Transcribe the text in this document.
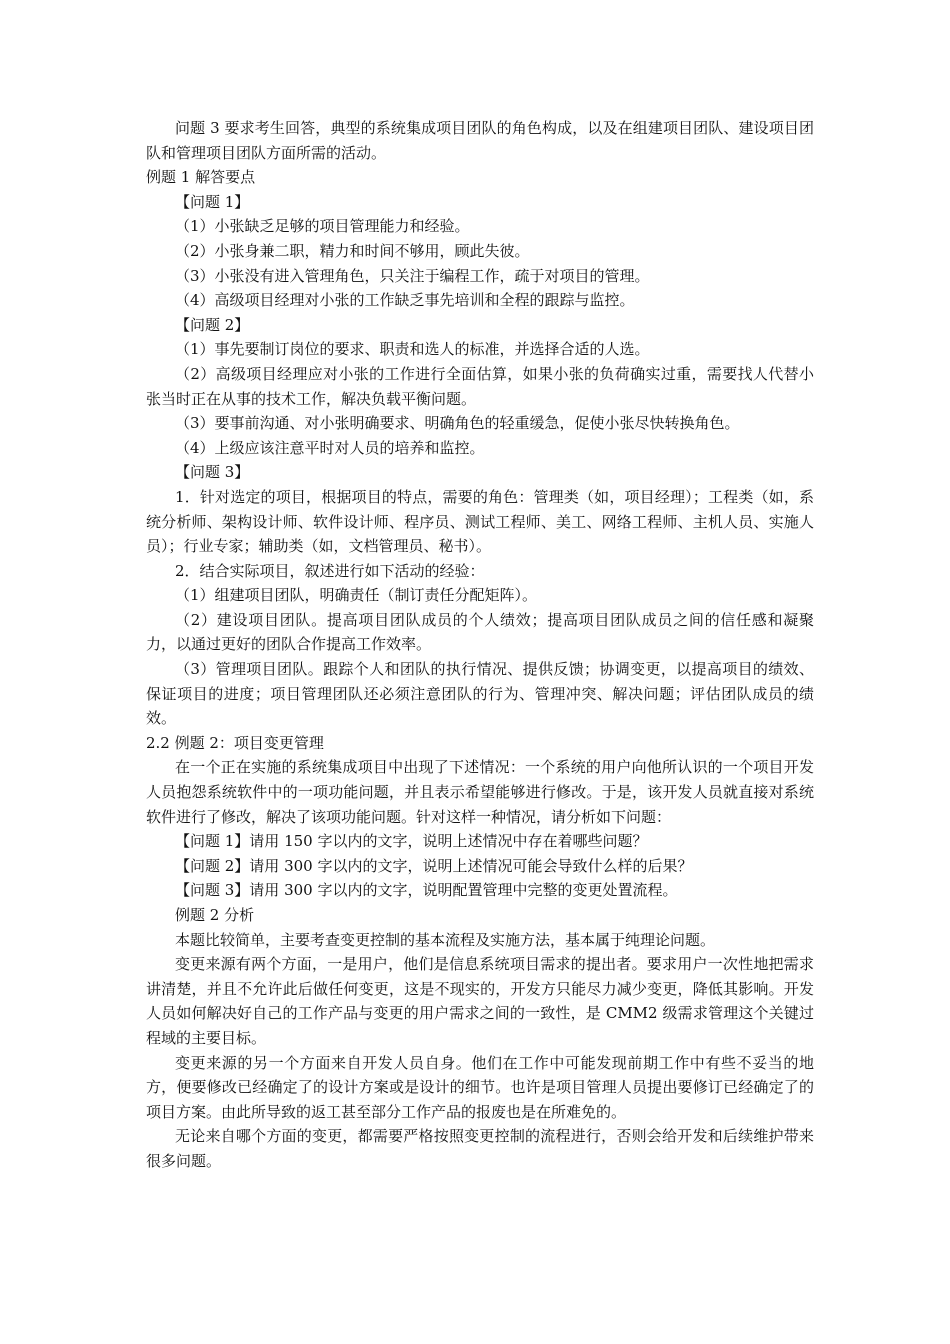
问题 3 要求考生回答，典型的系统集成项目团队的角色构成，以及在组建项目团队、建设项目团队和管理项目团队方面所需的活动。

例题 1 解答要点

【问题 1】

（1）小张缺乏足够的项目管理能力和经验。

（2）小张身兼二职，精力和时间不够用，顾此失彼。

（3）小张没有进入管理角色，只关注于编程工作，疏于对项目的管理。

（4）高级项目经理对小张的工作缺乏事先培训和全程的跟踪与监控。

【问题 2】

（1）事先要制订岗位的要求、职责和选人的标准，并选择合适的人选。

（2）高级项目经理应对小张的工作进行全面估算，如果小张的负荷确实过重，需要找人代替小张当时正在从事的技术工作，解决负载平衡问题。

（3）要事前沟通、对小张明确要求、明确角色的轻重缓急，促使小张尽快转换角色。

（4）上级应该注意平时对人员的培养和监控。

【问题 3】

1．针对选定的项目，根据项目的特点，需要的角色：管理类（如，项目经理）；工程类（如，系统分析师、架构设计师、软件设计师、程序员、测试工程师、美工、网络工程师、主机人员、实施人员）；行业专家；辅助类（如，文档管理员、秘书）。

2．结合实际项目，叙述进行如下活动的经验：

（1）组建项目团队，明确责任（制订责任分配矩阵）。

（2）建设项目团队。提高项目团队成员的个人绩效；提高项目团队成员之间的信任感和凝聚力，以通过更好的团队合作提高工作效率。

（3）管理项目团队。跟踪个人和团队的执行情况、提供反馈；协调变更，以提高项目的绩效、保证项目的进度；项目管理团队还必须注意团队的行为、管理冲突、解决问题；评估团队成员的绩效。

2.2 例题 2：项目变更管理

在一个正在实施的系统集成项目中出现了下述情况：一个系统的用户向他所认识的一个项目开发人员抱怨系统软件中的一项功能问题，并且表示希望能够进行修改。于是，该开发人员就直接对系统软件进行了修改，解决了该项功能问题。针对这样一种情况，请分析如下问题：

【问题 1】请用 150 字以内的文字，说明上述情况中存在着哪些问题？

【问题 2】请用 300 字以内的文字，说明上述情况可能会导致什么样的后果？

【问题 3】请用 300 字以内的文字，说明配置管理中完整的变更处置流程。

例题 2 分析

本题比较简单，主要考查变更控制的基本流程及实施方法，基本属于纯理论问题。

变更来源有两个方面，一是用户，他们是信息系统项目需求的提出者。要求用户一次性地把需求讲清楚，并且不允许此后做任何变更，这是不现实的，开发方只能尽力减少变更，降低其影响。开发人员如何解决好自己的工作产品与变更的用户需求之间的一致性，是 CMM2 级需求管理这个关键过程域的主要目标。

变更来源的另一个方面来自开发人员自身。他们在工作中可能发现前期工作中有些不妥当的地方，便要修改已经确定了的设计方案或是设计的细节。也许是项目管理人员提出要修订已经确定了的项目方案。由此所导致的返工甚至部分工作产品的报废也是在所难免的。

无论来自哪个方面的变更，都需要严格按照变更控制的流程进行，否则会给开发和后续维护带来很多问题。
